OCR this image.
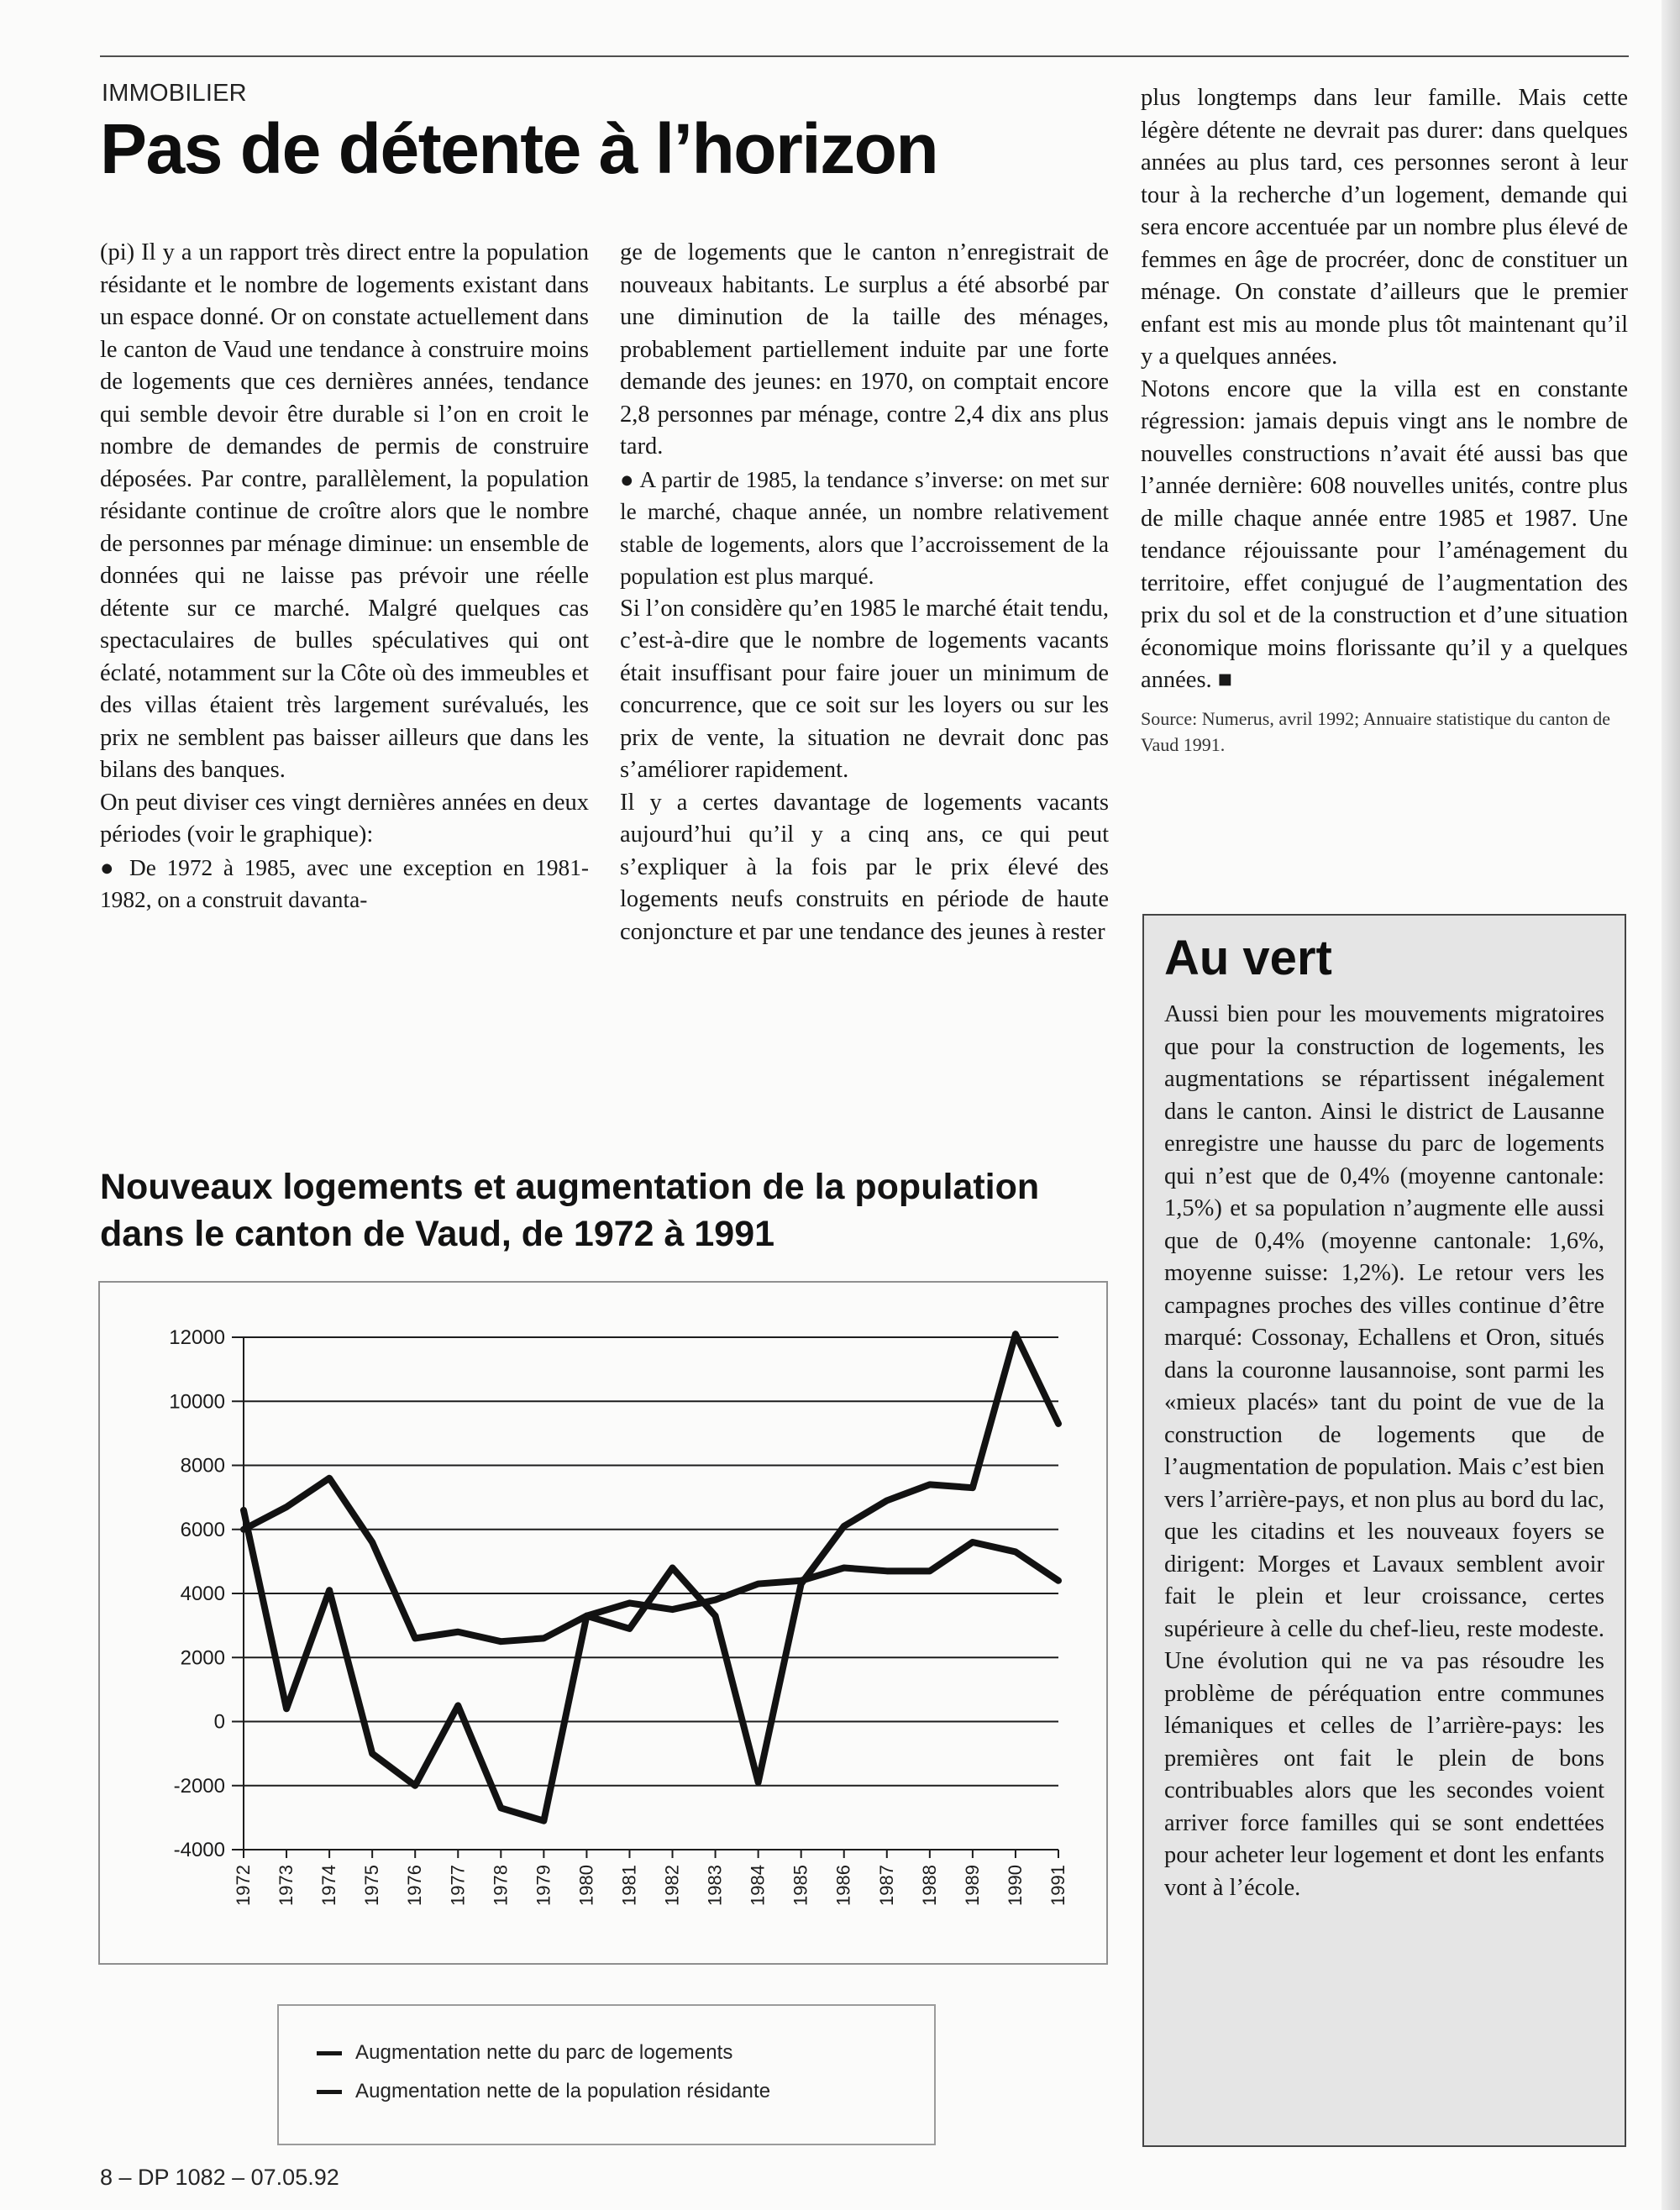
IMMOBILIER
Pas de détente à l’horizon

(pi) Il y a un rapport très direct entre la population résidante et le nombre de logements existant dans un espace donné. Or on constate actuellement dans le canton de Vaud une tendance à construire moins de logements que ces dernières années, tendance qui semble devoir être durable si l’on en croit le nombre de demandes de permis de construire déposées. Par contre, parallèlement, la population résidante continue de croître alors que le nombre de personnes par ménage diminue: un ensemble de données qui ne laisse pas prévoir une réelle détente sur ce marché. Malgré quelques cas spectaculaires de bulles spéculatives qui ont éclaté, notamment sur la Côte où des immeubles et des villas étaient très largement surévalués, les prix ne semblent pas baisser ailleurs que dans les bilans des banques.

On peut diviser ces vingt dernières années en deux périodes (voir le graphique):

● De 1972 à 1985, avec une exception en 1981-1982, on a construit davanta-

ge de logements que le canton n’enregistrait de nouveaux habitants. Le surplus a été absorbé par une diminution de la taille des ménages, probablement partiellement induite par une forte demande des jeunes: en 1970, on comptait encore 2,8 personnes par ménage, contre 2,4 dix ans plus tard.

● A partir de 1985, la tendance s’inverse: on met sur le marché, chaque année, un nombre relativement stable de logements, alors que l’accroissement de la population est plus marqué.

Si l’on considère qu’en 1985 le marché était tendu, c’est-à-dire que le nombre de logements vacants était insuffisant pour faire jouer un minimum de concurrence, que ce soit sur les loyers ou sur les prix de vente, la situation ne devrait donc pas s’améliorer rapidement.

Il y a certes davantage de logements vacants aujourd’hui qu’il y a cinq ans, ce qui peut s’expliquer à la fois par le prix élevé des logements neufs construits en période de haute conjoncture et par une tendance des jeunes à rester

plus longtemps dans leur famille. Mais cette légère détente ne devrait pas durer: dans quelques années au plus tard, ces personnes seront à leur tour à la recherche d’un logement, demande qui sera encore accentuée par un nombre plus élevé de femmes en âge de procréer, donc de constituer un ménage. On constate d’ailleurs que le premier enfant est mis au monde plus tôt maintenant qu’il y a quelques années.

Notons encore que la villa est en constante régression: jamais depuis vingt ans le nombre de nouvelles constructions n’avait été aussi bas que l’année dernière: 608 nouvelles unités, contre plus de mille chaque année entre 1985 et 1987. Une tendance réjouissante pour l’aménagement du territoire, effet conjugué de l’augmentation des prix du sol et de la construction et d’une situation économique moins florissante qu’il y a quelques années. ■

Source: Numerus, avril 1992; Annuaire statistique du canton de Vaud 1991.

Nouveaux logements et augmentation de la population
dans le canton de Vaud, de 1972 à 1991
-4000
-2000
0
2000
4000
6000
8000
10000
12000
1972 1973 1974 1975 1976 1977 1978 1979 1980 1981 1982 1983 1984 1985 1986 1987 1988 1989 1990 1991
Augmentation nette du parc de logements
Augmentation nette de la population résidante
Au vert

Aussi bien pour les mouvements migratoires que pour la construction de logements, les augmentations se répartissent inégalement dans le canton. Ainsi le district de Lausanne enregistre une hausse du parc de logements qui n’est que de 0,4% (moyenne cantonale: 1,5%) et sa population n’augmente elle aussi que de 0,4% (moyenne cantonale: 1,6%, moyenne suisse: 1,2%). Le retour vers les campagnes proches des villes continue d’être marqué: Cossonay, Echallens et Oron, situés dans la couronne lausannoise, sont parmi les «mieux placés» tant du point de vue de la construction de logements que de l’augmentation de population. Mais c’est bien vers l’arrière-pays, et non plus au bord du lac, que les citadins et les nouveaux foyers se dirigent: Morges et Lavaux semblent avoir fait le plein et leur croissance, certes supérieure à celle du chef-lieu, reste modeste. Une évolution qui ne va pas résoudre les problème de péréquation entre communes lémaniques et celles de l’arrière-pays: les premières ont fait le plein de bons contribuables alors que les secondes voient arriver force familles qui se sont endettées pour acheter leur logement et dont les enfants vont à l’école.

8 – DP 1082 – 07.05.92
